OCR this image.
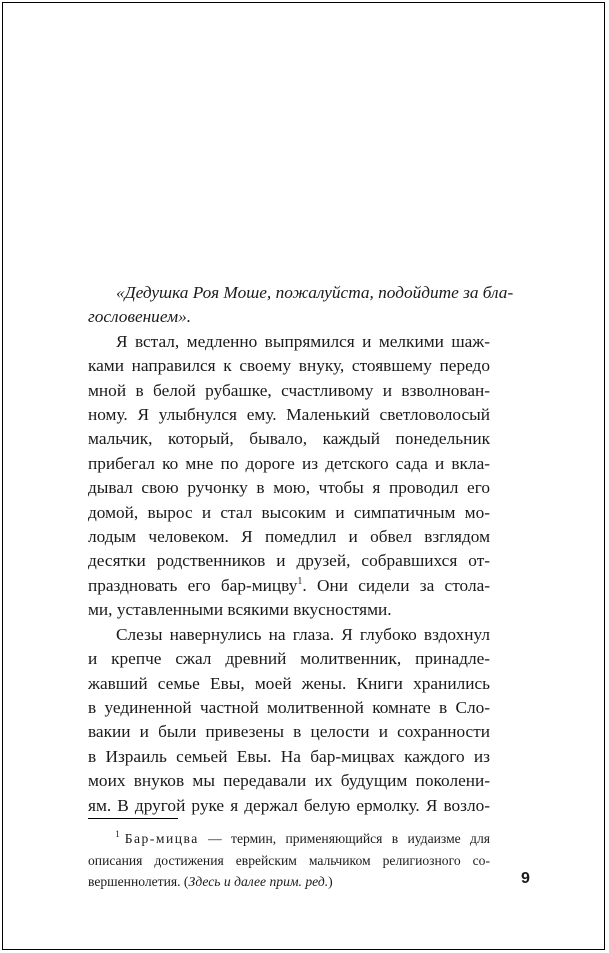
«Дедушка Роя Моше, пожалуйста, подойдите за бла-
гословением».
Я встал, медленно выпрямился и мелкими шаж-
ками направился к своему внуку, стоявшему передо
мной в белой рубашке, счастливому и взволнован-
ному. Я улыбнулся ему. Маленький светловолосый
мальчик, который, бывало, каждый понедельник
прибегал ко мне по дороге из детского сада и вкла-
дывал свою ручонку в мою, чтобы я проводил его
домой, вырос и стал высоким и симпатичным мо-
лодым человеком. Я помедлил и обвел взглядом
десятки родственников и друзей, собравшихся от-
праздновать его бар-мицву$^1$. Они сидели за стола-
ми, уставленными всякими вкусностями.
Слезы навернулись на глаза. Я глубоко вздохнул
и крепче сжал древний молитвенник, принадле-
жавший семье Евы, моей жены. Книги хранились
в уединенной частной молитвенной комнате в Сло-
вакии и были привезены в целости и сохранности
в Израиль семьей Евы. На бар-мицвах каждого из
моих внуков мы передавали их будущим поколени-
ям. В другой руке я держал белую ермолку. Я возло-
    $^1$ Бар-мицва — термин, применяющийся в иудаизме для
описания достижения еврейским мальчиком религиозного со-
вершеннолетия. (Здесь и далее прим. ред.)	9
